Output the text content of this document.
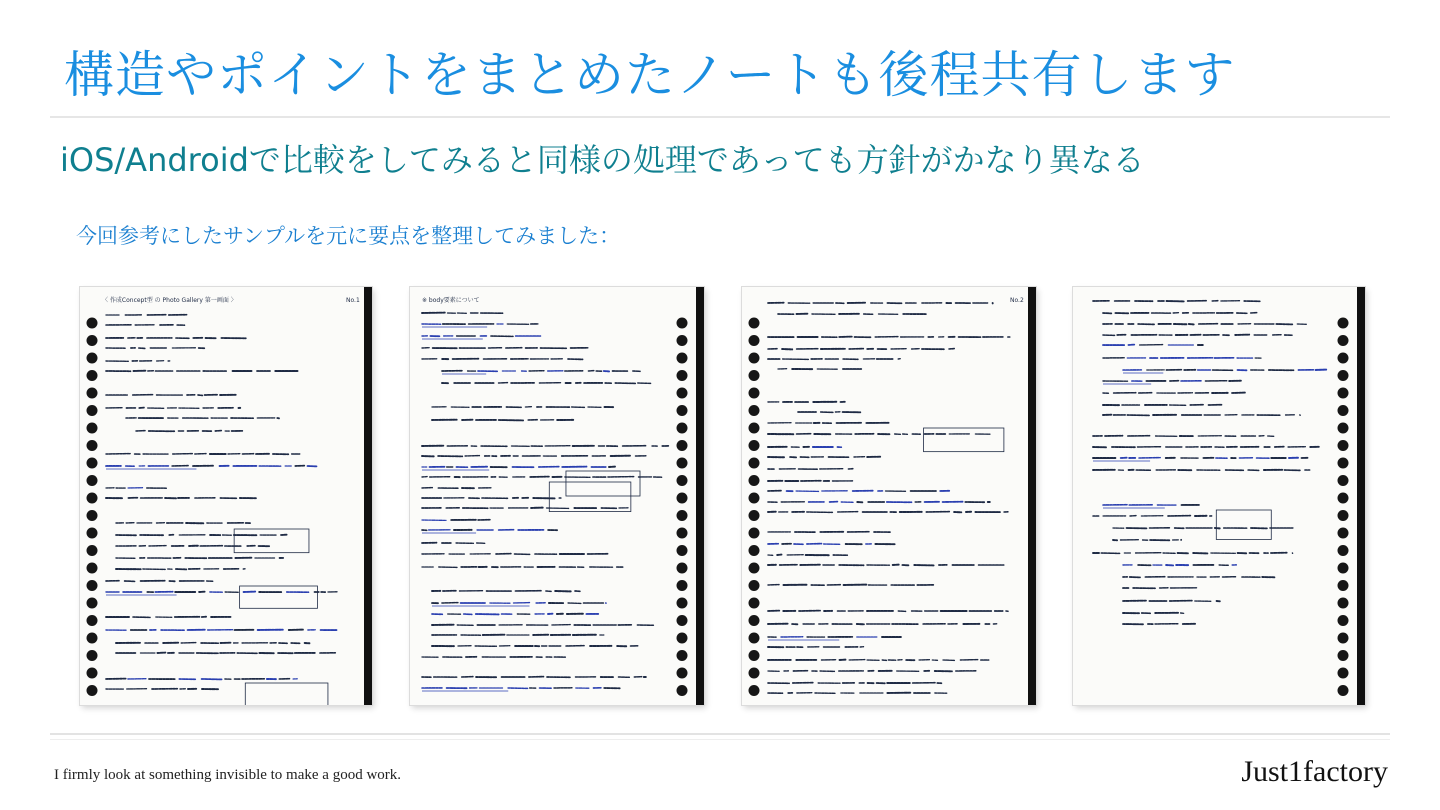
構造やポイントをまとめたノートも後程共有します
iOS/Androidで比較をしてみると同様の処理であっても方針がかなり異なる
今回参考にしたサンプルを元に要点を整理してみました：
〈 作成Concept型 の Photo Gallery 第一画面 〉	No.1	※ body要素について	No.2
I firmly look at something invisible to make a good work.	Just1factory
